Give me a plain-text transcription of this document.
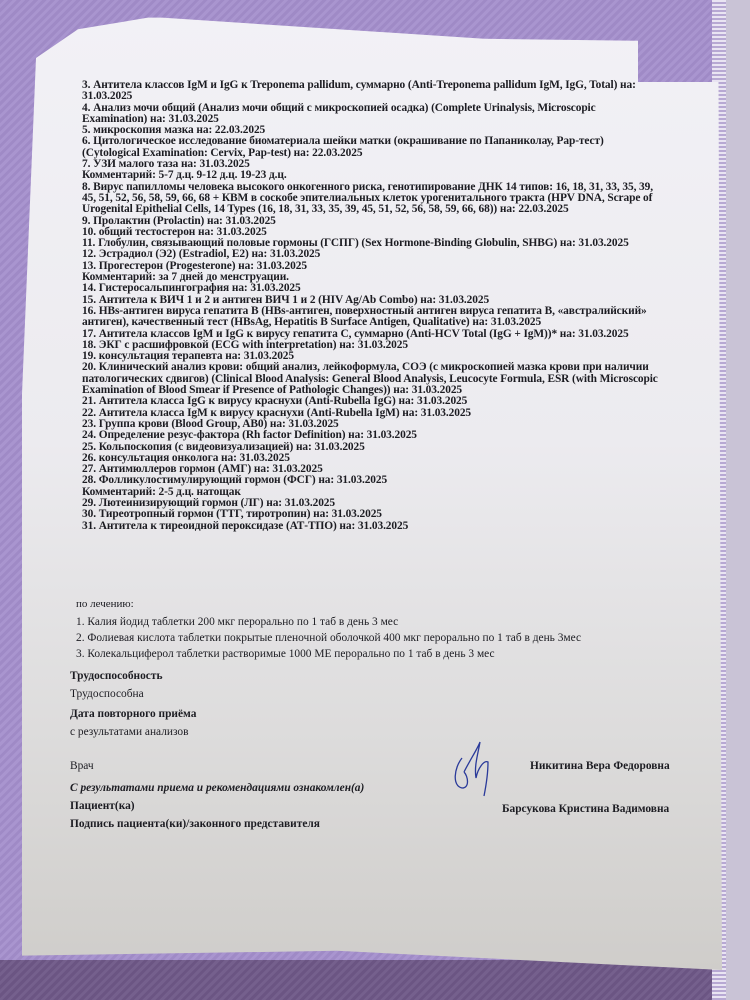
3. Антитела классов IgM и IgG к Treponema pallidum, суммарно (Anti-Treponema pallidum IgM, IgG, Total) на:
31.03.2025
4. Анализ мочи общий (Анализ мочи общий с микроскопией осадка) (Complete Urinalysis, Microscopic
Examination) на: 31.03.2025
5. микроскопия мазка на: 22.03.2025
6. Цитологическое исследование биоматериала шейки матки (окрашивание по Папаниколау, Pap-тест)
(Cytological Examination: Cervix, Pap-test) на: 22.03.2025
7. УЗИ малого таза на: 31.03.2025
Комментарий: 5-7 д.ц. 9-12 д.ц. 19-23 д.ц.
8. Вирус папилломы человека высокого онкогенного риска, генотипирование ДНК 14 типов: 16, 18, 31, 33, 35, 39,
45, 51, 52, 56, 58, 59, 66, 68 + КВМ в соскобе эпителиальных клеток урогенитального тракта (HPV DNA, Scrape of
Urogenital Epithelial Cells, 14 Types (16, 18, 31, 33, 35, 39, 45, 51, 52, 56, 58, 59, 66, 68)) на: 22.03.2025
9. Пролактин (Prolactin) на: 31.03.2025
10. общий тестостерон на: 31.03.2025
11. Глобулин, связывающий половые гормоны (ГСПГ) (Sex Hormone-Binding Globulin, SHBG) на: 31.03.2025
12. Эстрадиол (Э2) (Estradiol, E2) на: 31.03.2025
13. Прогестерон (Progesterone) на: 31.03.2025
Комментарий: за 7 дней до менструации.
14. Гистеросальпингография на: 31.03.2025
15. Антитела к ВИЧ 1 и 2 и антиген ВИЧ 1 и 2 (HIV Ag/Ab Combo) на: 31.03.2025
16. HBs-антиген вируса гепатита B (HBs-антиген, поверхностный антиген вируса гепатита B, «австралийский»
антиген), качественный тест (HBsAg, Hepatitis B Surface Antigen, Qualitative) на: 31.03.2025
17. Антитела классов IgM и IgG к вирусу гепатита C, суммарно (Anti-HCV Total (IgG + IgM))* на: 31.03.2025
18. ЭКГ с расшифровкой (ECG with interpretation) на: 31.03.2025
19. консультация терапевта на: 31.03.2025
20. Клинический анализ крови: общий анализ, лейкоформула, СОЭ (с микроскопией мазка крови при наличии
патологических сдвигов) (Clinical Blood Analysis: General Blood Analysis, Leucocyte Formula, ESR (with Microscopic
Examination of Blood Smear if Presence of Pathologic Changes)) на: 31.03.2025
21. Антитела класса IgG к вирусу краснухи (Anti-Rubella IgG) на: 31.03.2025
22. Антитела класса IgM к вирусу краснухи (Anti-Rubella IgM) на: 31.03.2025
23. Группа крови (Blood Group, AB0) на: 31.03.2025
24. Определение резус-фактора (Rh factor Definition) на: 31.03.2025
25. Кольпоскопия (с видеовизуализацией) на: 31.03.2025
26. консультация онколога на: 31.03.2025
27. Антимюллеров гормон (АМГ) на: 31.03.2025
28. Фолликулостимулирующий гормон (ФСГ) на: 31.03.2025
Комментарий: 2-5 д.ц. натощак
29. Лютеинизирующий гормон (ЛГ) на: 31.03.2025
30. Тиреотропный гормон (ТТГ, тиротропин) на: 31.03.2025
31. Антитела к тиреоидной пероксидазе (АТ-ТПО) на: 31.03.2025
по лечению:
1. Калия йодид таблетки 200 мкг перорально по 1 таб в день 3 мес
2. Фолиевая кислота таблетки покрытые пленочной оболочкой 400 мкг перорально по 1 таб в день 3мес
3. Колекальциферол таблетки растворимые 1000 МЕ перорально по 1 таб в день 3 мес
Трудоспособность
Трудоспособна
Дата повторного приёма
с результатами анализов
Врач	Никитина Вера Федоровна
С результатами приема и рекомендациями ознакомлен(а)
Пациент(ка)	Барсукова Кристина Вадимовна
Подпись пациента(ки)/законного представителя
